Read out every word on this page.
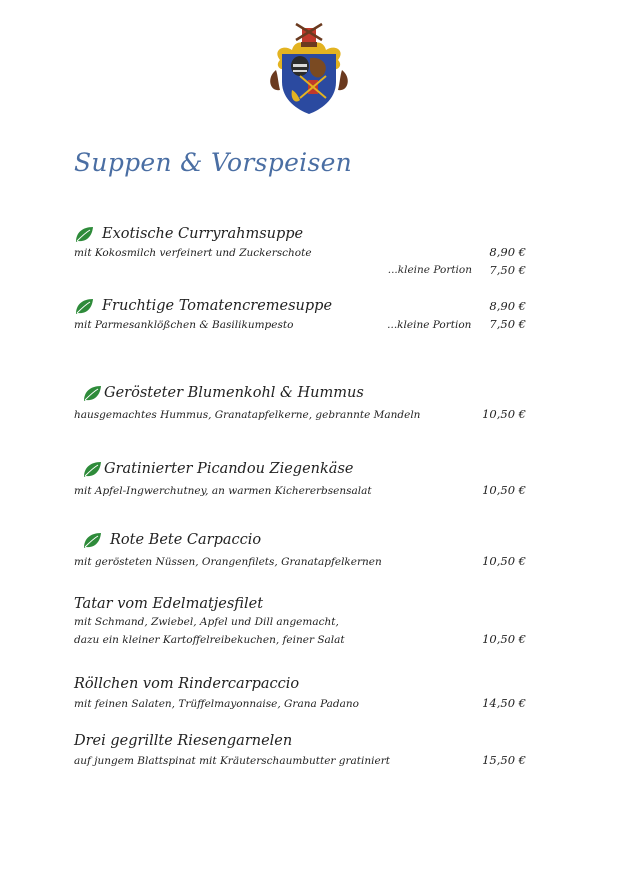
Suppen & Vorspeisen
Exotische Curryrahmsuppe
mit Kokosmilch verfeinert und Zuckerschote	8,90 €
...kleine Portion	7,50 €
Fruchtige Tomatencremesuppe	8,90 €
mit Parmesanklößchen & Basilikumpesto	...kleine Portion 7,50 €
Gerösteter Blumenkohl & Hummus
hausgemachtes Hummus, Granatapfelkerne, gebrannte Mandeln	10,50 €
Gratinierter Picandou Ziegenkäse
mit Apfel-Ingwerchutney, an warmen Kichererbsensalat	10,50 €
Rote Bete Carpaccio
mit gerösteten Nüssen, Orangenfilets, Granatapfelkernen	10,50 €
Tatar vom Edelmatjesfilet
mit Schmand, Zwiebel, Apfel und Dill angemacht,
dazu ein kleiner Kartoffelreibekuchen, feiner Salat	10,50 €
Röllchen vom Rindercarpaccio
mit feinen Salaten, Trüffelmayonnaise, Grana Padano	14,50 €
Drei gegrillte Riesengarnelen
auf jungem Blattspinat mit Kräuterschaumbutter gratiniert	15,50 €
